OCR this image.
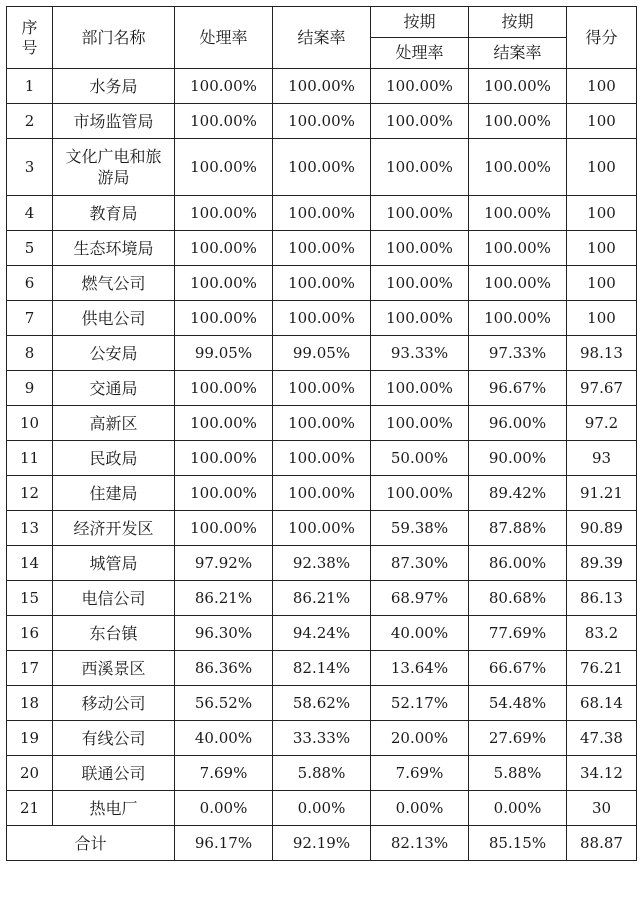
序号	部门名称	处理率	结案率	按期	按期	得分
				处理率	结案率	
1	水务局	100.00%	100.00%	100.00%	100.00%	100
2	市场监管局	100.00%	100.00%	100.00%	100.00%	100
3	文化广电和旅游局	100.00%	100.00%	100.00%	100.00%	100
4	教育局	100.00%	100.00%	100.00%	100.00%	100
5	生态环境局	100.00%	100.00%	100.00%	100.00%	100
6	燃气公司	100.00%	100.00%	100.00%	100.00%	100
7	供电公司	100.00%	100.00%	100.00%	100.00%	100
8	公安局	99.05%	99.05%	93.33%	97.33%	98.13
9	交通局	100.00%	100.00%	100.00%	96.67%	97.67
10	高新区	100.00%	100.00%	100.00%	96.00%	97.2
11	民政局	100.00%	100.00%	50.00%	90.00%	93
12	住建局	100.00%	100.00%	100.00%	89.42%	91.21
13	经济开发区	100.00%	100.00%	59.38%	87.88%	90.89
14	城管局	97.92%	92.38%	87.30%	86.00%	89.39
15	电信公司	86.21%	86.21%	68.97%	80.68%	86.13
16	东台镇	96.30%	94.24%	40.00%	77.69%	83.2
17	西溪景区	86.36%	82.14%	13.64%	66.67%	76.21
18	移动公司	56.52%	58.62%	52.17%	54.48%	68.14
19	有线公司	40.00%	33.33%	20.00%	27.69%	47.38
20	联通公司	7.69%	5.88%	7.69%	5.88%	34.12
21	热电厂	0.00%	0.00%	0.00%	0.00%	30
合计		96.17%	92.19%	82.13%	85.15%	88.87
